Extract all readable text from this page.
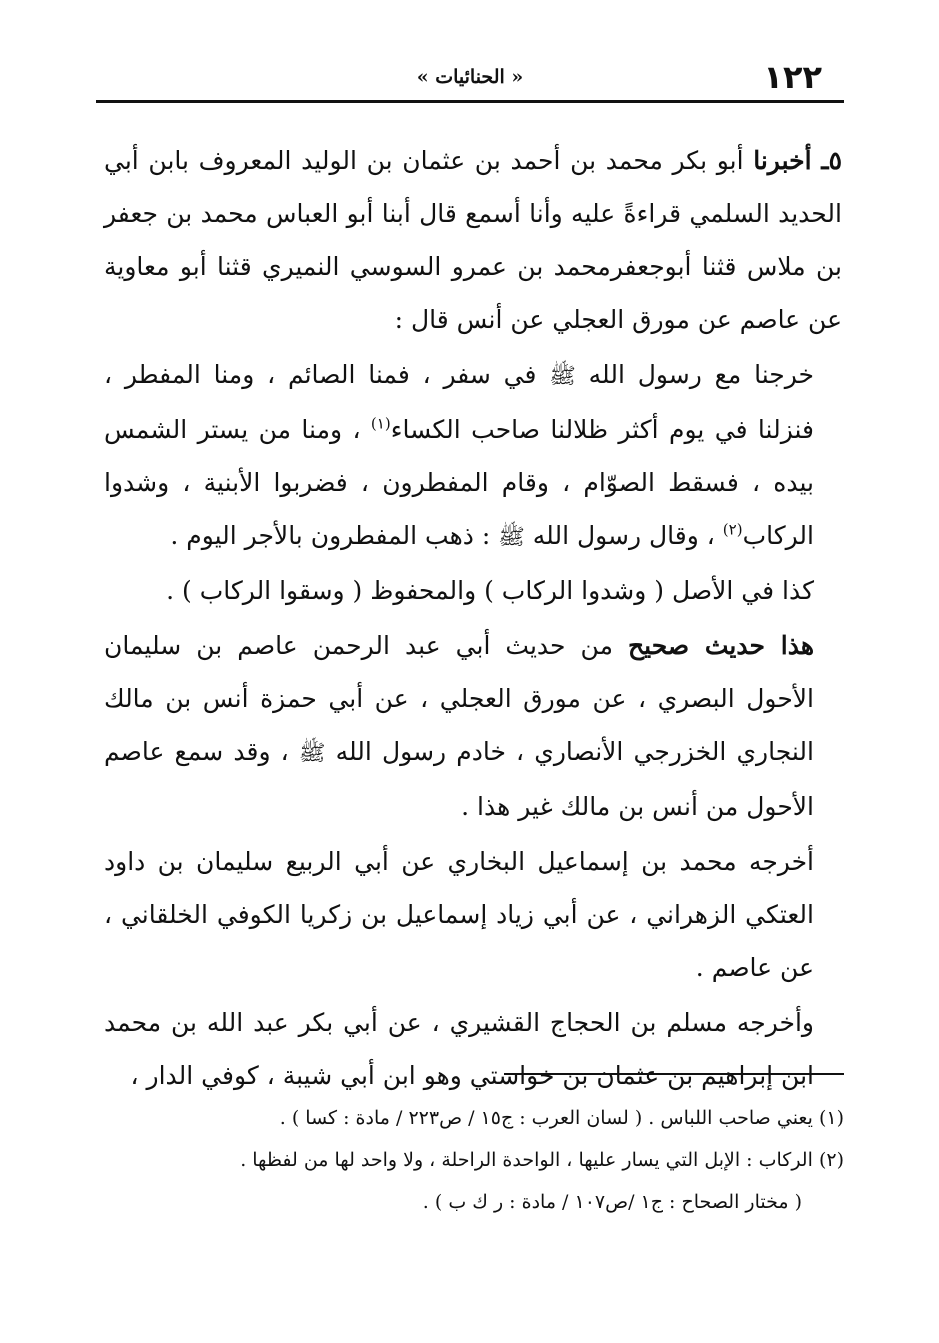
١٢٢
« الحنائيات »

٥ـ أخبرنا أبو بكر محمد بن أحمد بن عثمان بن الوليد المعروف بابن أبي الحديد السلمي قراءةً عليه وأنا أسمع قال أبنا أبو العباس محمد بن جعفر بن ملاس قثنا أبوجعفرمحمد بن عمرو السوسي النميري قثنا أبو معاوية عن عاصم عن مورق العجلي عن أنس قال :

خرجنا مع رسول الله ﷺ في سفر ، فمنا الصائم ، ومنا المفطر ، فنزلنا في يوم أكثر ظلالنا صاحب الكساء$^{(١)}$ ، ومنا من يستر الشمس بيده ، فسقط الصوّام ، وقام المفطرون ، فضربوا الأبنية ، وشدوا الركاب$^{(٢)}$ ، وقال رسول الله ﷺ : ذهب المفطرون بالأجر اليوم .
كذا في الأصل ( وشدوا الركاب ) والمحفوظ ( وسقوا الركاب ) .

هذا حديث صحيح من حديث أبي عبد الرحمن عاصم بن سليمان الأحول البصري ، عن مورق العجلي ، عن أبي حمزة أنس بن مالك النجاري الخزرجي الأنصاري ، خادم رسول الله ﷺ ، وقد سمع عاصم الأحول من أنس بن مالك غير هذا .

أخرجه محمد بن إسماعيل البخاري عن أبي الربيع سليمان بن داود العتكي الزهراني ، عن أبي زياد إسماعيل بن زكريا الكوفي الخلقاني ، عن عاصم .

وأخرجه مسلم بن الحجاج القشيري ، عن أبي بكر عبد الله بن محمد ابن إبراهيم بن عثمان بن خواستي وهو ابن أبي شيبة ، كوفي الدار ،

(١) يعني صاحب اللباس . ( لسان العرب : ج١٥ / ص٢٢٣ / مادة : كسا ) .

(٢) الركاب : الإبل التي يسار عليها ، الواحدة الراحلة ، ولا واحد لها من لفظها .

( مختار الصحاح : ج١ /ص١٠٧ / مادة : ر ك ب ) .
